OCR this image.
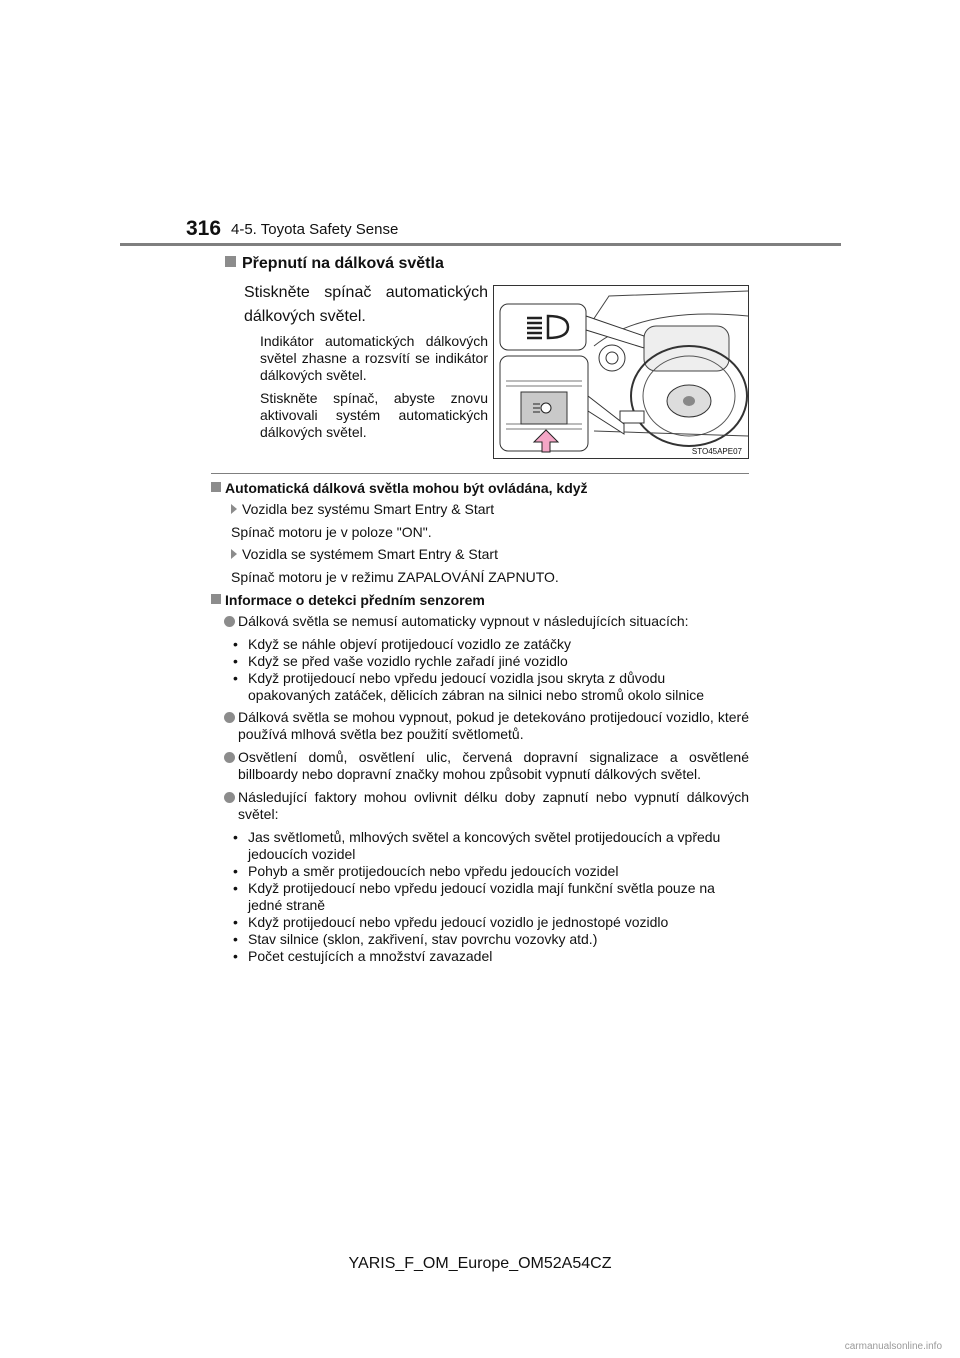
316 4-5. Toyota Safety Sense
Přepnutí na dálková světla
Stiskněte spínač automatických dálkových světel.
Indikátor automatických dálkových světel zhasne a rozsvítí se indikátor dálkových světel.
Stiskněte spínač, abyste znovu aktivovali systém automatických dálkových světel.
STO45APE07
Automatická dálková světla mohou být ovládána, když
Vozidla bez systému Smart Entry & Start
Spínač motoru je v poloze "ON".
Vozidla se systémem Smart Entry & Start
Spínač motoru je v režimu ZAPALOVÁNÍ ZAPNUTO.
Informace o detekci předním senzorem
Dálková světla se nemusí automaticky vypnout v následujících situacích:
• Když se náhle objeví protijedoucí vozidlo ze zatáčky
• Když se před vaše vozidlo rychle zařadí jiné vozidlo
• Když protijedoucí nebo vpředu jedoucí vozidla jsou skryta z důvodu opakovaných zatáček, dělicích zábran na silnici nebo stromů okolo silnice
Dálková světla se mohou vypnout, pokud je detekováno protijedoucí vozidlo, které používá mlhová světla bez použití světlometů.
Osvětlení domů, osvětlení ulic, červená dopravní signalizace a osvětlené billboardy nebo dopravní značky mohou způsobit vypnutí dálkových světel.
Následující faktory mohou ovlivnit délku doby zapnutí nebo vypnutí dálkových světel:
• Jas světlometů, mlhových světel a koncových světel protijedoucích a vpředu jedoucích vozidel
• Pohyb a směr protijedoucích nebo vpředu jedoucích vozidel
• Když protijedoucí nebo vpředu jedoucí vozidla mají funkční světla pouze na jedné straně
• Když protijedoucí nebo vpředu jedoucí vozidlo je jednostopé vozidlo
• Stav silnice (sklon, zakřivení, stav povrchu vozovky atd.)
• Počet cestujících a množství zavazadel
YARIS_F_OM_Europe_OM52A54CZ
carmanualsonline.info
